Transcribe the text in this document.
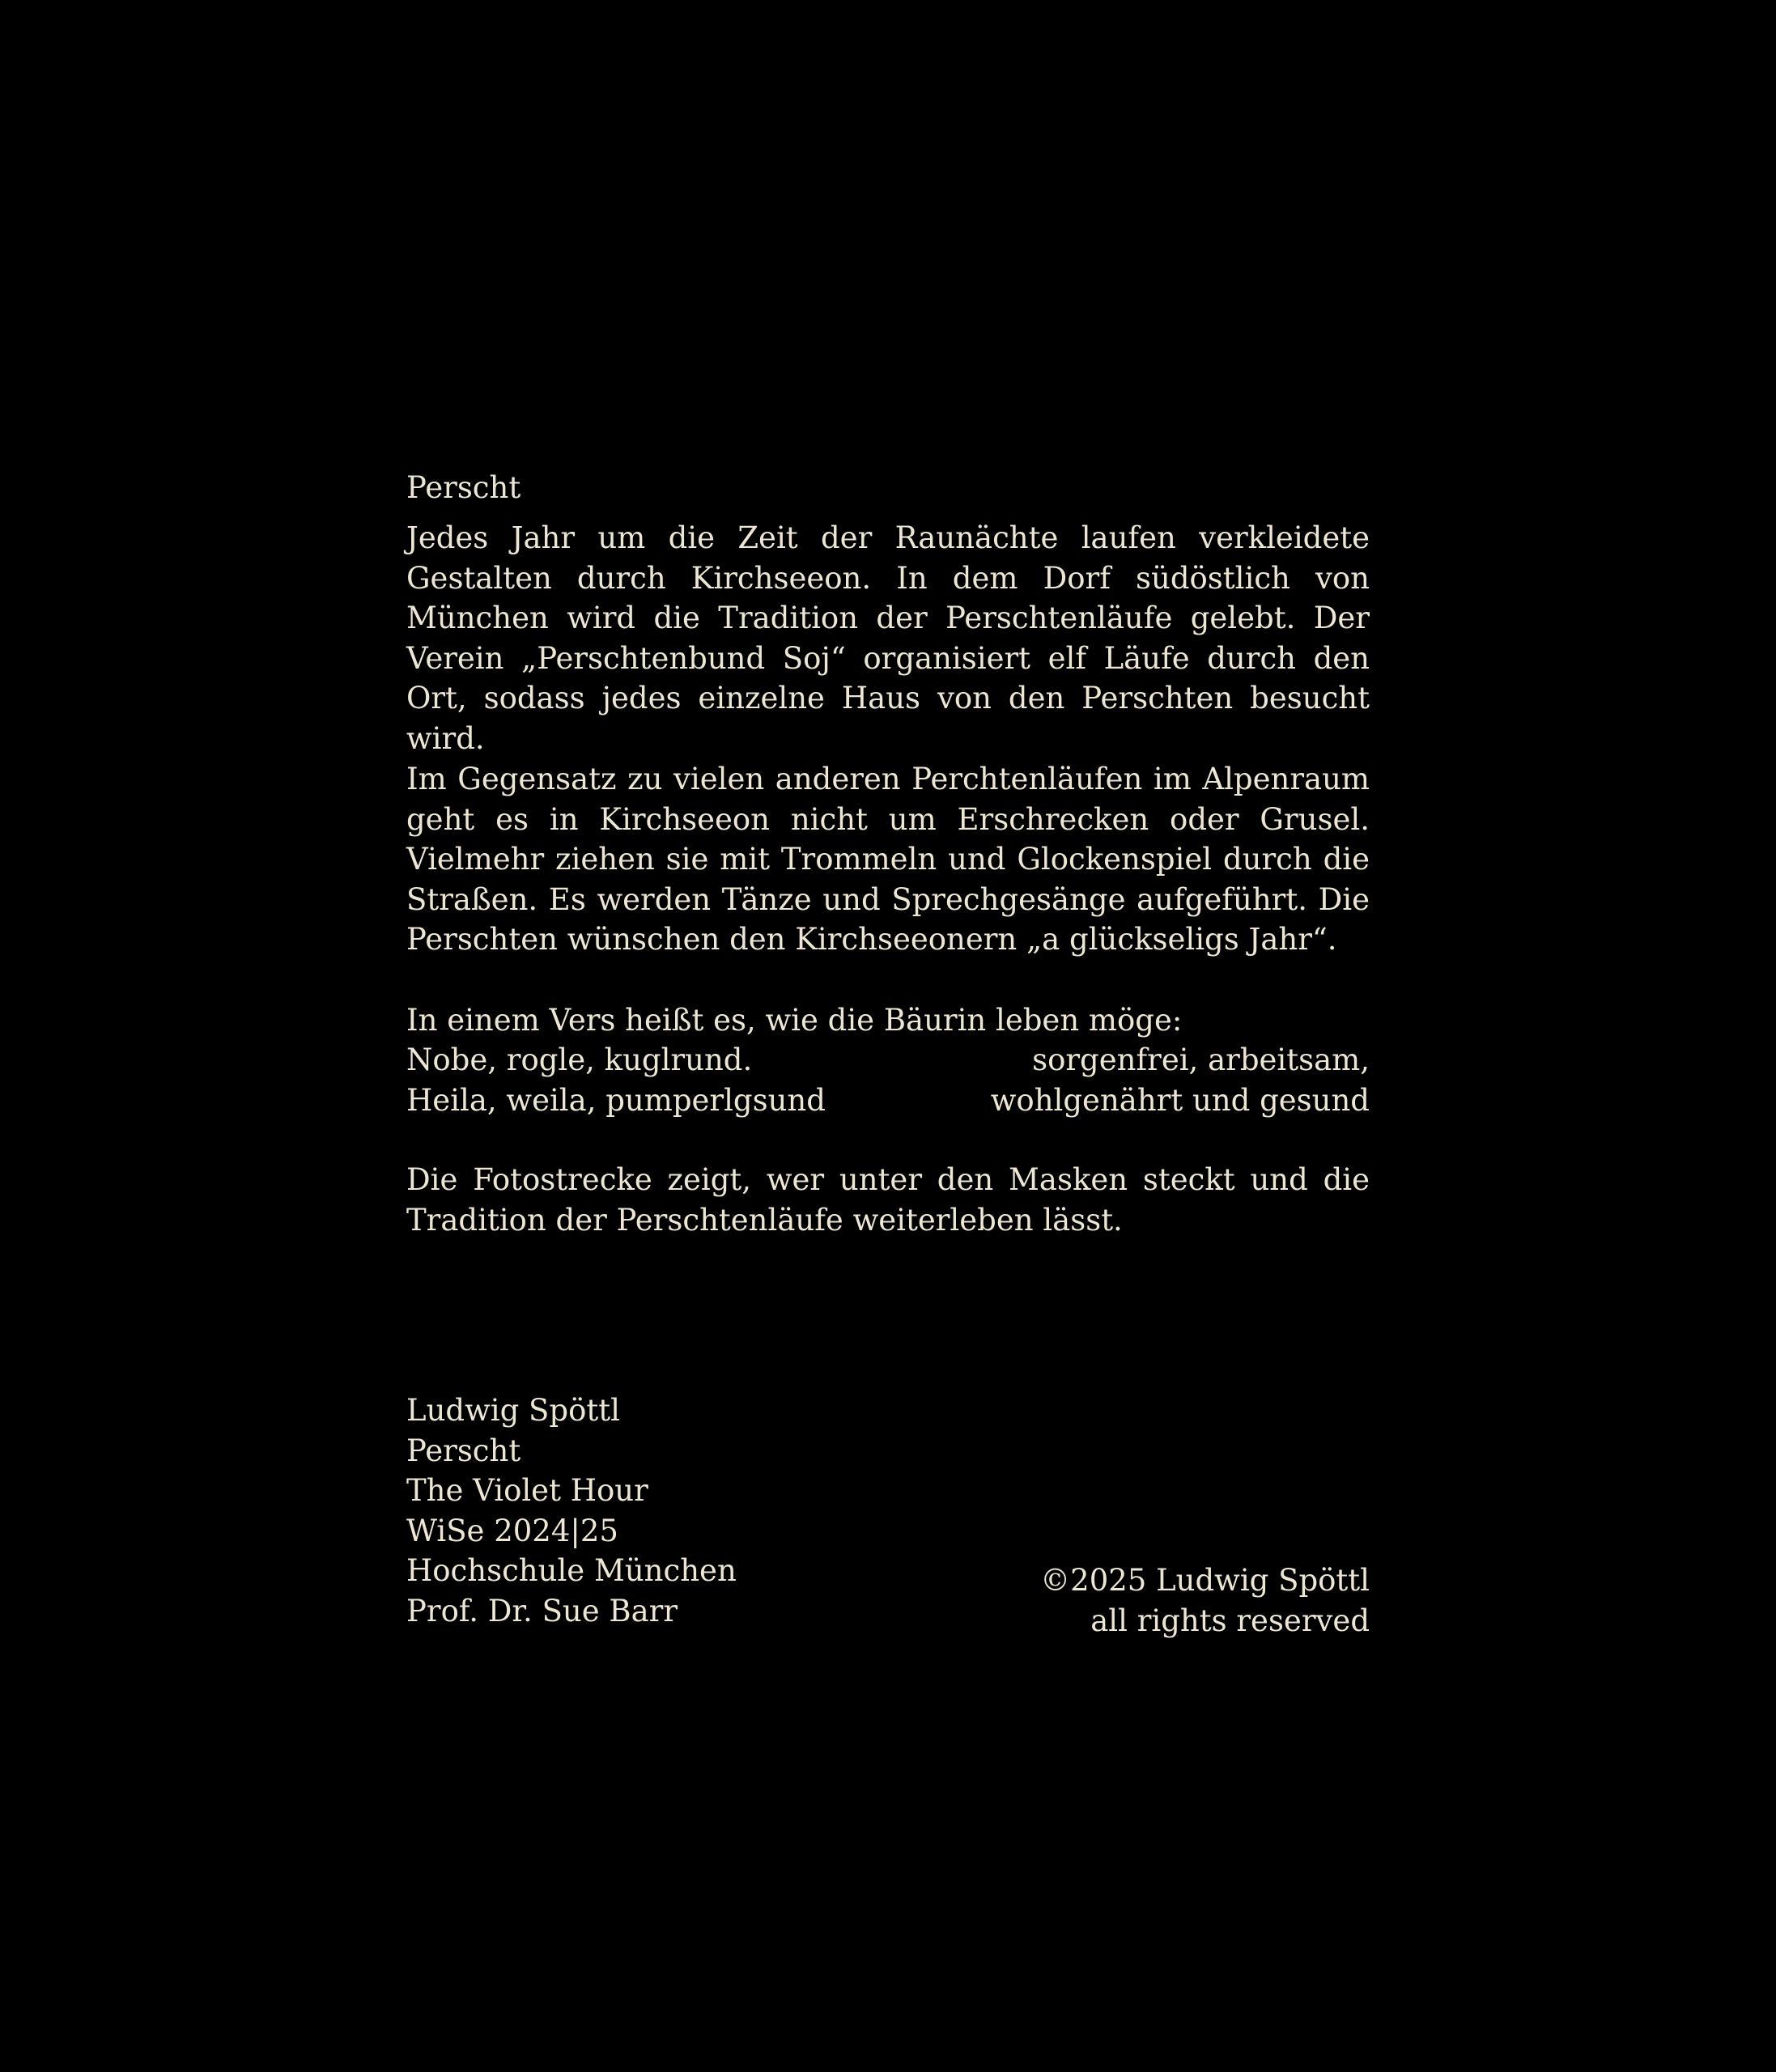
Perscht

Jedes Jahr um die Zeit der Raunächte laufen verkleidete Gestalten durch Kirchseeon. In dem Dorf südöstlich von München wird die Tradition der Perschtenläufe gelebt. Der Verein „Perschtenbund Soj“ organisiert elf Läufe durch den Ort, sodass jedes einzelne Haus von den Perschten besucht wird.

Im Gegensatz zu vielen anderen Perchtenläufen im Alpenraum geht es in Kirchseeon nicht um Erschrecken oder Grusel. Vielmehr ziehen sie mit Trommeln und Glockenspiel durch die Straßen. Es werden Tänze und Sprechgesänge aufgeführt. Die Perschten wünschen den Kirchseeonern „a glückseligs Jahr“.

In einem Vers heißt es, wie die Bäurin leben möge:

Nobe, rogle, kuglrund.	sorgenfrei, arbeitsam,
Heila, weila, pumperlgsund	wohlgenährt und gesund

Die Fotostrecke zeigt, wer unter den Masken steckt und die Tradition der Perschtenläufe weiterleben lässt.

Ludwig Spöttl
Perscht
The Violet Hour
WiSe 2024|25
Hochschule München
Prof. Dr. Sue Barr
©2025 Ludwig Spöttl
all rights reserved
